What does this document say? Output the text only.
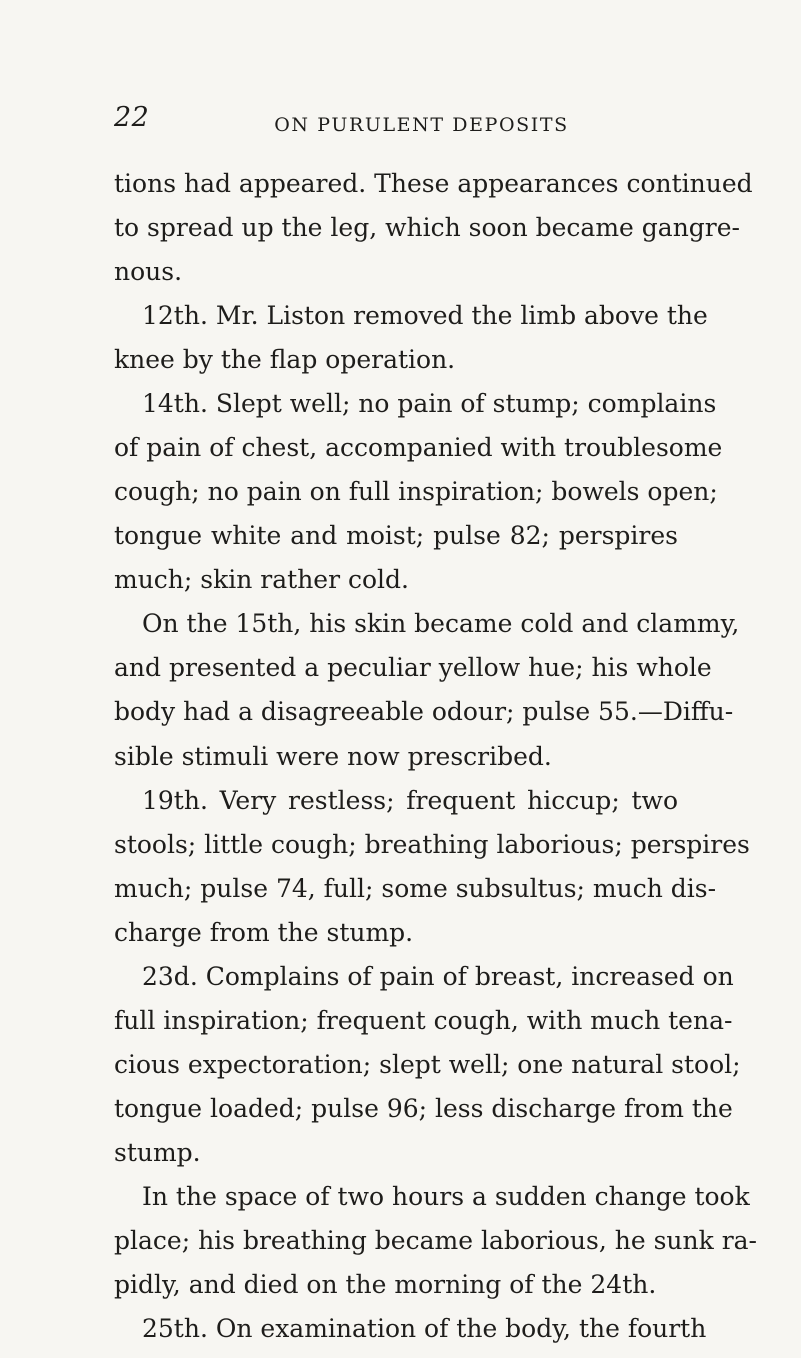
22	ON PURULENT DEPOSITS
tions had appeared. These appearances continued
to spread up the leg, which soon became gangre-
nous.
12th. Mr. Liston removed the limb above the
knee by the flap operation.
14th. Slept well; no pain of stump; complains
of pain of chest, accompanied with troublesome
cough; no pain on full inspiration; bowels open;
tongue white and moist; pulse 82; perspires
much; skin rather cold.
On the 15th, his skin became cold and clammy,
and presented a peculiar yellow hue; his whole
body had a disagreeable odour; pulse 55.—Diffu-
sible stimuli were now prescribed.
19th. Very restless; frequent hiccup; two
stools; little cough; breathing laborious; perspires
much; pulse 74, full; some subsultus; much dis-
charge from the stump.
23d. Complains of pain of breast, increased on
full inspiration; frequent cough, with much tena-
cious expectoration; slept well; one natural stool;
tongue loaded; pulse 96; less discharge from the
stump.
In the space of two hours a sudden change took
place; his breathing became laborious, he sunk ra-
pidly, and died on the morning of the 24th.
25th. On examination of the body, the fourth
